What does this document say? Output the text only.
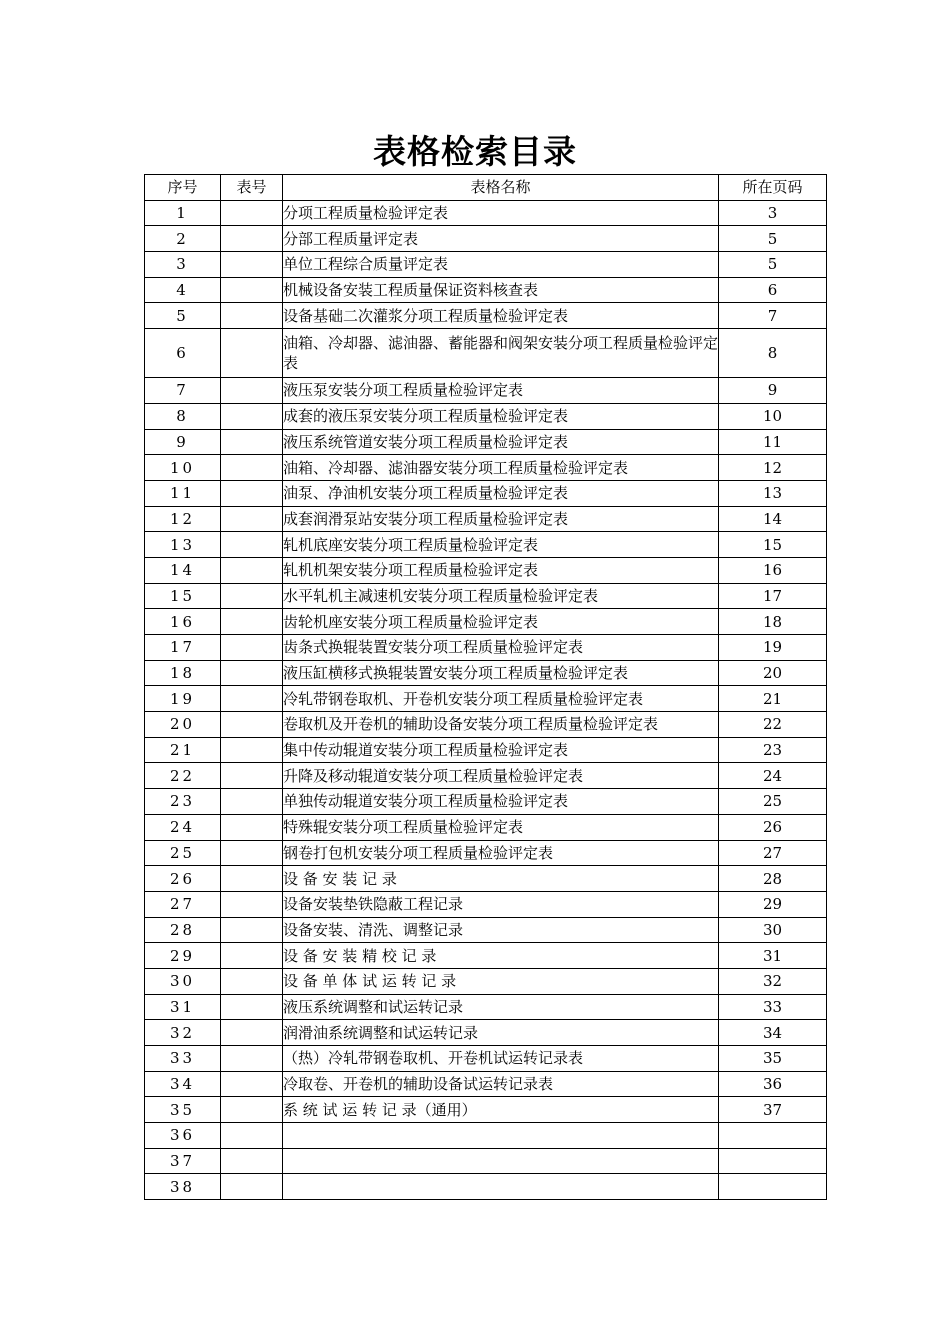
表格检索目录
序号	表号	表格名称	所在页码
1		分项工程质量检验评定表	3
2		分部工程质量评定表	5
3		单位工程综合质量评定表	5
4		机械设备安装工程质量保证资料核查表	6
5		设备基础二次灌浆分项工程质量检验评定表	7
6		油箱、冷却器、滤油器、蓄能器和阀架安装分项工程质量检验评定表	8
7		液压泵安装分项工程质量检验评定表	9
8		成套的液压泵安装分项工程质量检验评定表	10
9		液压系统管道安装分项工程质量检验评定表	11
10		油箱、冷却器、滤油器安装分项工程质量检验评定表	12
11		油泵、净油机安装分项工程质量检验评定表	13
12		成套润滑泵站安装分项工程质量检验评定表	14
13		轧机底座安装分项工程质量检验评定表	15
14		轧机机架安装分项工程质量检验评定表	16
15		水平轧机主减速机安装分项工程质量检验评定表	17
16		齿轮机座安装分项工程质量检验评定表	18
17		齿条式换辊装置安装分项工程质量检验评定表	19
18		液压缸横移式换辊装置安装分项工程质量检验评定表	20
19		冷轧带钢卷取机、开卷机安装分项工程质量检验评定表	21
20		卷取机及开卷机的辅助设备安装分项工程质量检验评定表	22
21		集中传动辊道安装分项工程质量检验评定表	23
22		升降及移动辊道安装分项工程质量检验评定表	24
23		单独传动辊道安装分项工程质量检验评定表	25
24		特殊辊安装分项工程质量检验评定表	26
25		钢卷打包机安装分项工程质量检验评定表	27
26		设 备 安 装 记 录	28
27		设备安装垫铁隐蔽工程记录	29
28		设备安装、清洗、调整记录	30
29		设 备 安 装 精 校 记 录	31
30		设 备 单 体 试 运 转 记 录	32
31		液压系统调整和试运转记录	33
32		润滑油系统调整和试运转记录	34
33		（热）冷轧带钢卷取机、开卷机试运转记录表	35
34		冷取卷、开卷机的辅助设备试运转记录表	36
35		系 统 试 运 转 记 录（通用）	37
36			
37			
38			
